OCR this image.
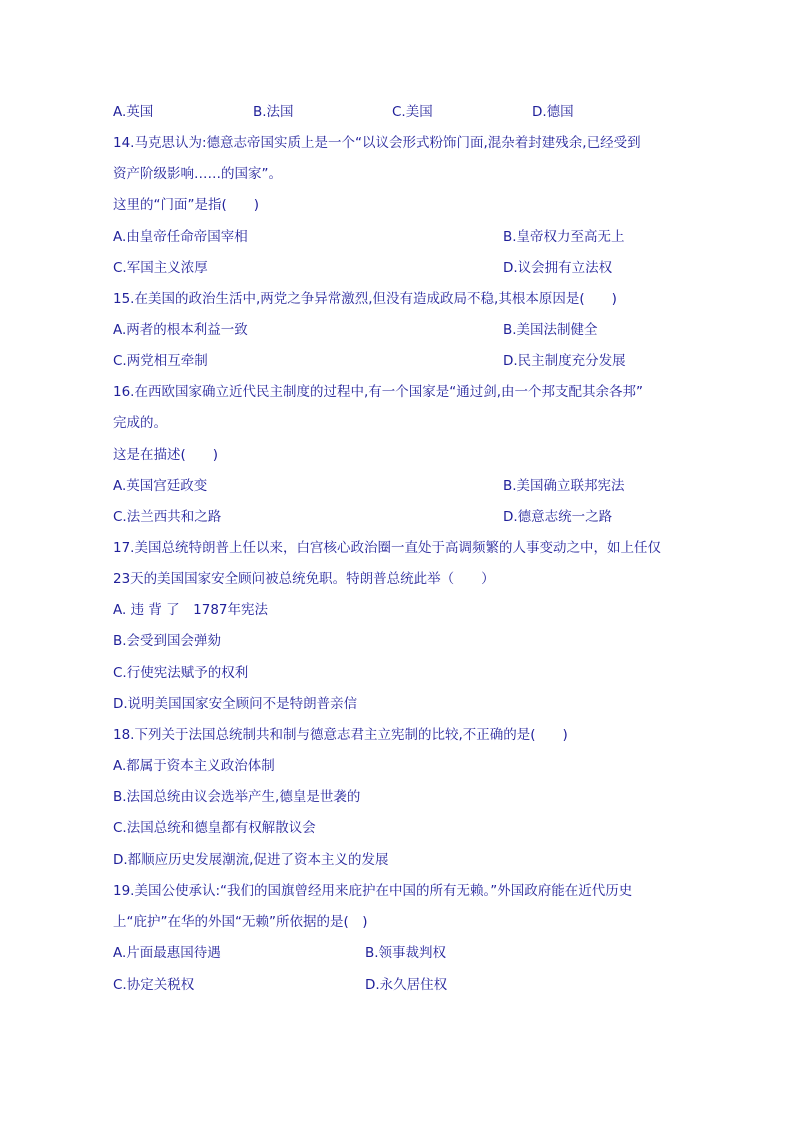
A.英国	B.法国	C.美国	D.德国
14.马克思认为:德意志帝国实质上是一个“以议会形式粉饰门面,混杂着封建残余,已经受到
资产阶级影响……的国家”。
这里的“门面”是指(　　)
A.由皇帝任命帝国宰相	B.皇帝权力至高无上
C.军国主义浓厚	D.议会拥有立法权
15.在美国的政治生活中,两党之争异常激烈,但没有造成政局不稳,其根本原因是(　　)
A.两者的根本利益一致	B.美国法制健全
C.两党相互牵制	D.民主制度充分发展
16.在西欧国家确立近代民主制度的过程中,有一个国家是“通过剑,由一个邦支配其余各邦”
完成的。
这是在描述(　　)
A.英国宫廷政变	B.美国确立联邦宪法
C.法兰西共和之路	D.德意志统一之路
17.美国总统特朗普上任以来，白宫核心政治圈一直处于高调频繁的人事变动之中，如上任仅
23天的美国国家安全顾问被总统免职。特朗普总统此举（　　）
A. 违 背 了　1787年宪法
B.会受到国会弹劾
C.行使宪法赋予的权利
D.说明美国国家安全顾问不是特朗普亲信
18.下列关于法国总统制共和制与德意志君主立宪制的比较,不正确的是(　　)
A.都属于资本主义政治体制
B.法国总统由议会选举产生,德皇是世袭的
C.法国总统和德皇都有权解散议会
D.都顺应历史发展潮流,促进了资本主义的发展
19.美国公使承认:“我们的国旗曾经用来庇护在中国的所有无赖。”外国政府能在近代历史
上“庇护”在华的外国“无赖”所依据的是(　)
A.片面最惠国待遇	B.领事裁判权
C.协定关税权	D.永久居住权
